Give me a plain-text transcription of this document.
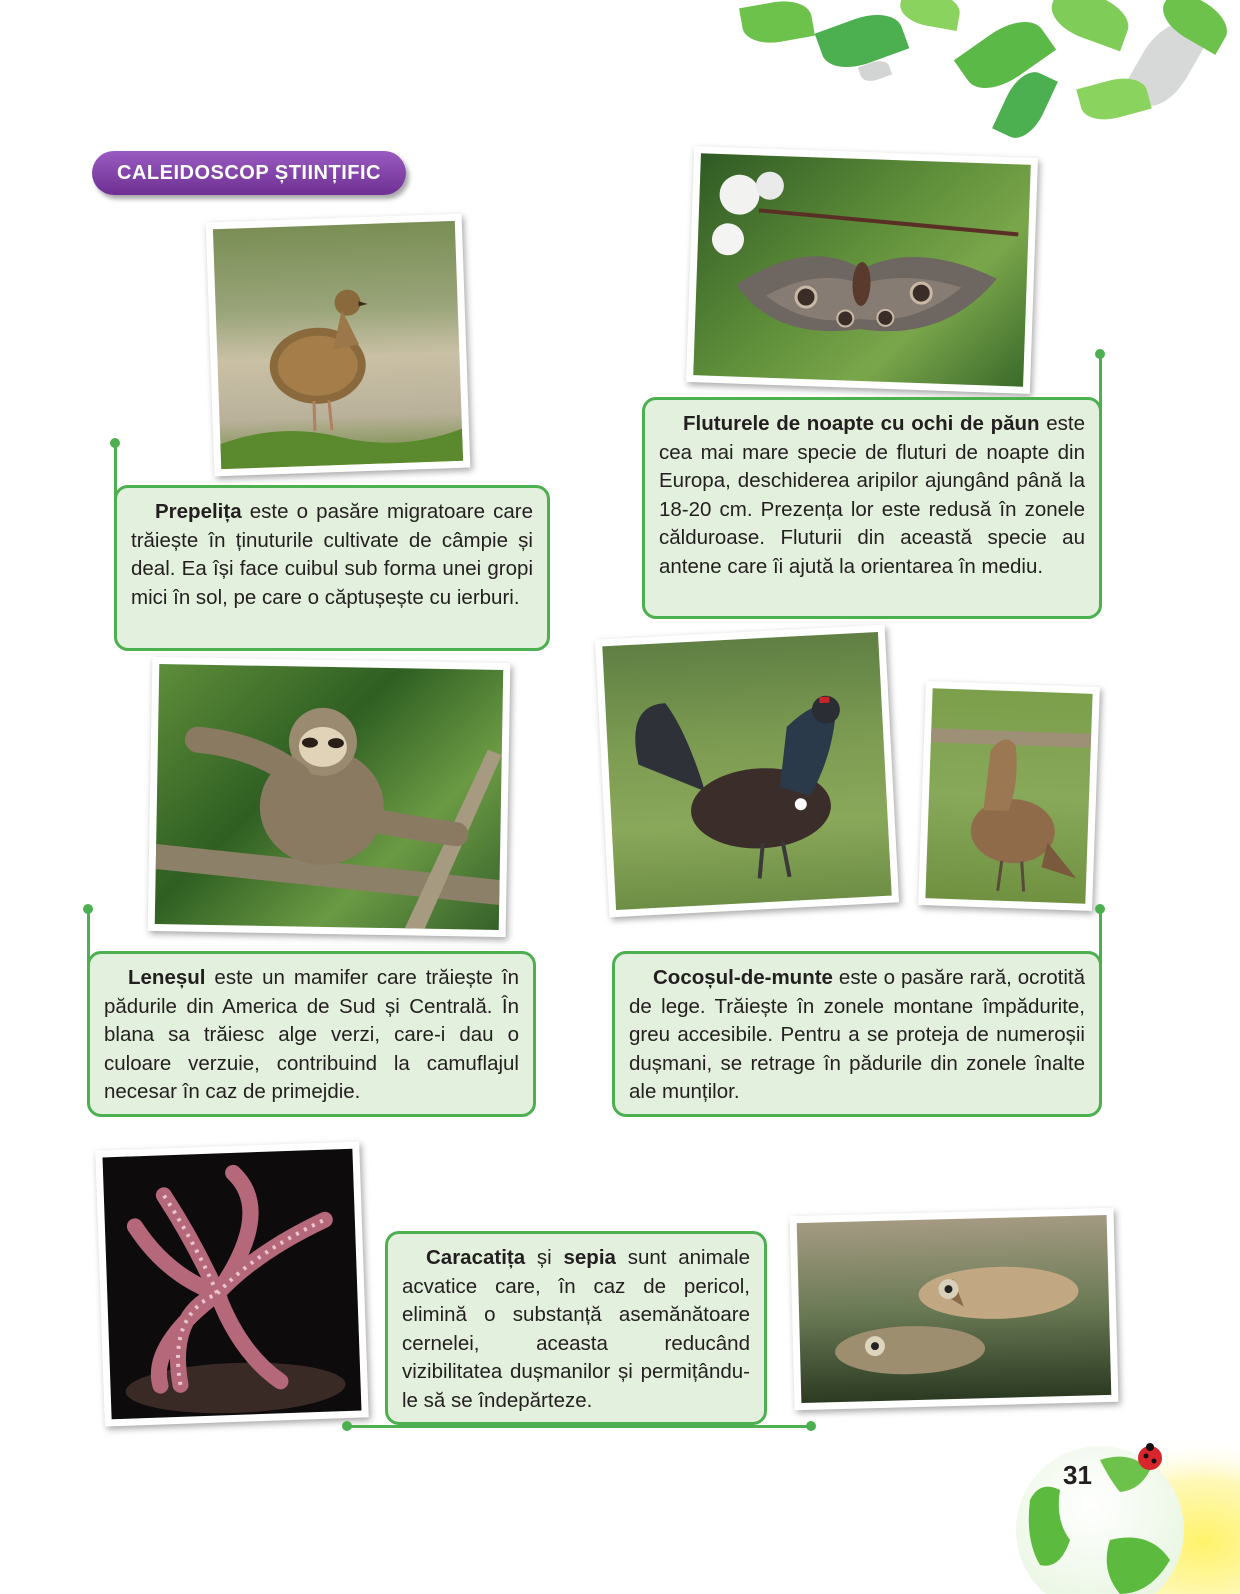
CALEIDOSCOP ȘTIINȚIFIC

Prepelița este o pasăre migratoare care trăiește în ținuturile cultivate de câmpie și deal. Ea își face cuibul sub forma unei gropi mici în sol, pe care o căptușește cu ierburi.

Fluturele de noapte cu ochi de păun este cea mai mare specie de fluturi de noapte din Europa, deschiderea aripilor ajungând până la 18-20 cm. Prezența lor este redusă în zonele călduroase. Fluturii din această specie au antene care îi ajută la orientarea în mediu.

Leneșul este un mamifer care trăiește în pădurile din America de Sud și Centrală. În blana sa trăiesc alge verzi, care-i dau o culoare verzuie, contribuind la camuflajul necesar în caz de primejdie.

Cocoșul-de-munte este o pasăre rară, ocrotită de lege. Trăiește în zonele montane împădurite, greu accesibile. Pentru a se proteja de numeroșii dușmani, se retrage în pădurile din zonele înalte ale munților.

Caracatița și sepia sunt animale acvatice care, în caz de pericol, elimină o substanță asemănătoare cernelei, aceasta reducând vizibilitatea dușmanilor și permițându-le să se îndepărteze.

31
